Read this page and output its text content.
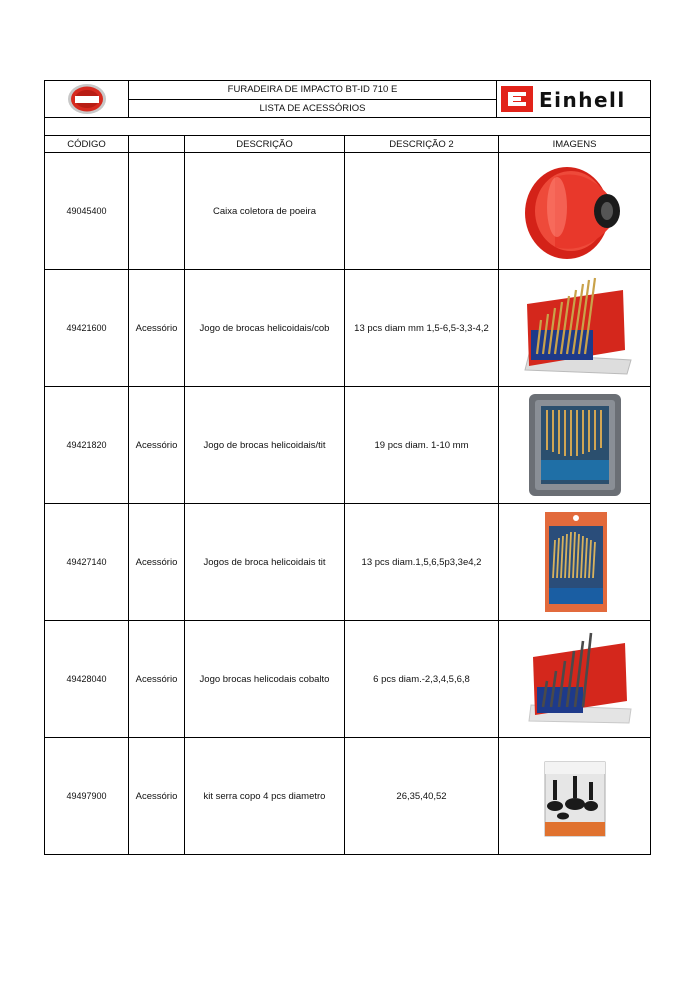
	FURADEIRA DE IMPACTO BT-ID 710 E	Einhell

LISTA DE ACESSÓRIOS

CÓDIGO		DESCRIÇÃO	DESCRIÇÃO 2	IMAGENS
49045400		Caixa coletora de poeira		

49421600	Acessório	Jogo de brocas helicoidais/cob	13 pcs diam mm 1,5-6,5-3,3-4,2	

49421820	Acessório	Jogo de brocas helicoidais/tit	19 pcs diam. 1-10 mm	

49427140	Acessório	Jogos de broca helicoidais tit	13 pcs diam.1,5,6,5p3,3e4,2	

49428040	Acessório	Jogo brocas helicodais cobalto	6 pcs diam.-2,3,4,5,6,8	

49497900	Acessório	kit serra copo 4 pcs diametro	26,35,40,52	
